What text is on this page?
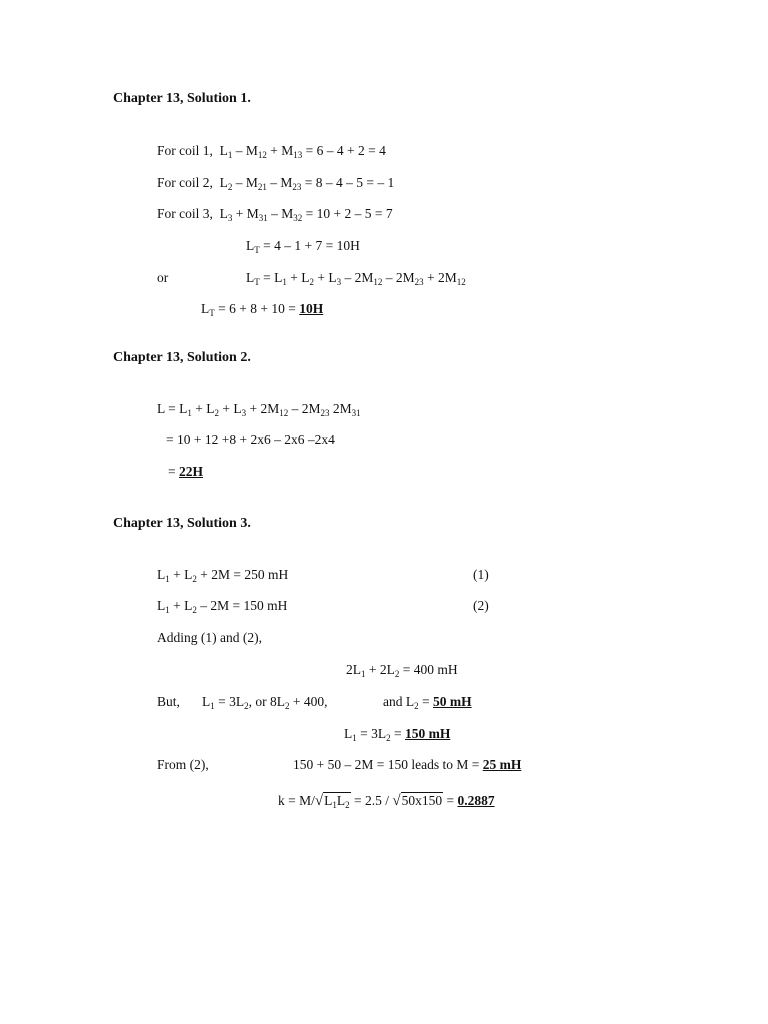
Chapter 13, Solution 1.
For coil 1,  $L_1 - M_{12} + M_{13} = 6 - 4 + 2 = 4$
For coil 2,  $L_2 - M_{21} - M_{23} = 8 - 4 - 5$ = – 1
For coil 3,  $L_3 + M_{31} - M_{32} = 10 + 2 - 5 = 7$
$L_T = 4 - 1 + 7 = 10H$
or	$L_T = L_1 + L_2 + L_3 - 2M_{12} - 2M_{23} + 2M_{12}$
$L_T = 6 + 8 + 10 = 10H$
Chapter 13, Solution 2.
$L = L_1 + L_2 + L_3 + 2M_{12} - 2M_{23}$ $2M_{31}$
= 10 + 12 +8 + 2x6 – 2x6 –2x4
= 22H
Chapter 13, Solution 3.
$L_1 + L_2 + 2M = 250$ mH	(1)
$L_1 + L_2 - 2M = 150$ mH	(2)
Adding (1) and (2),
$2L_1 + 2L_2 = 400$ mH
But, $L_1 = 3L_2$, or $8L_2 + 400$,	and $L_2 = 50$ mH
$L_1 = 3L_2 = 150$ mH
From (2),	150 + 50 – 2M = 150 leads to M = 25 mH
$k = M/√L_1L_2 = 2.5 / √50x150 = 0.2887$
